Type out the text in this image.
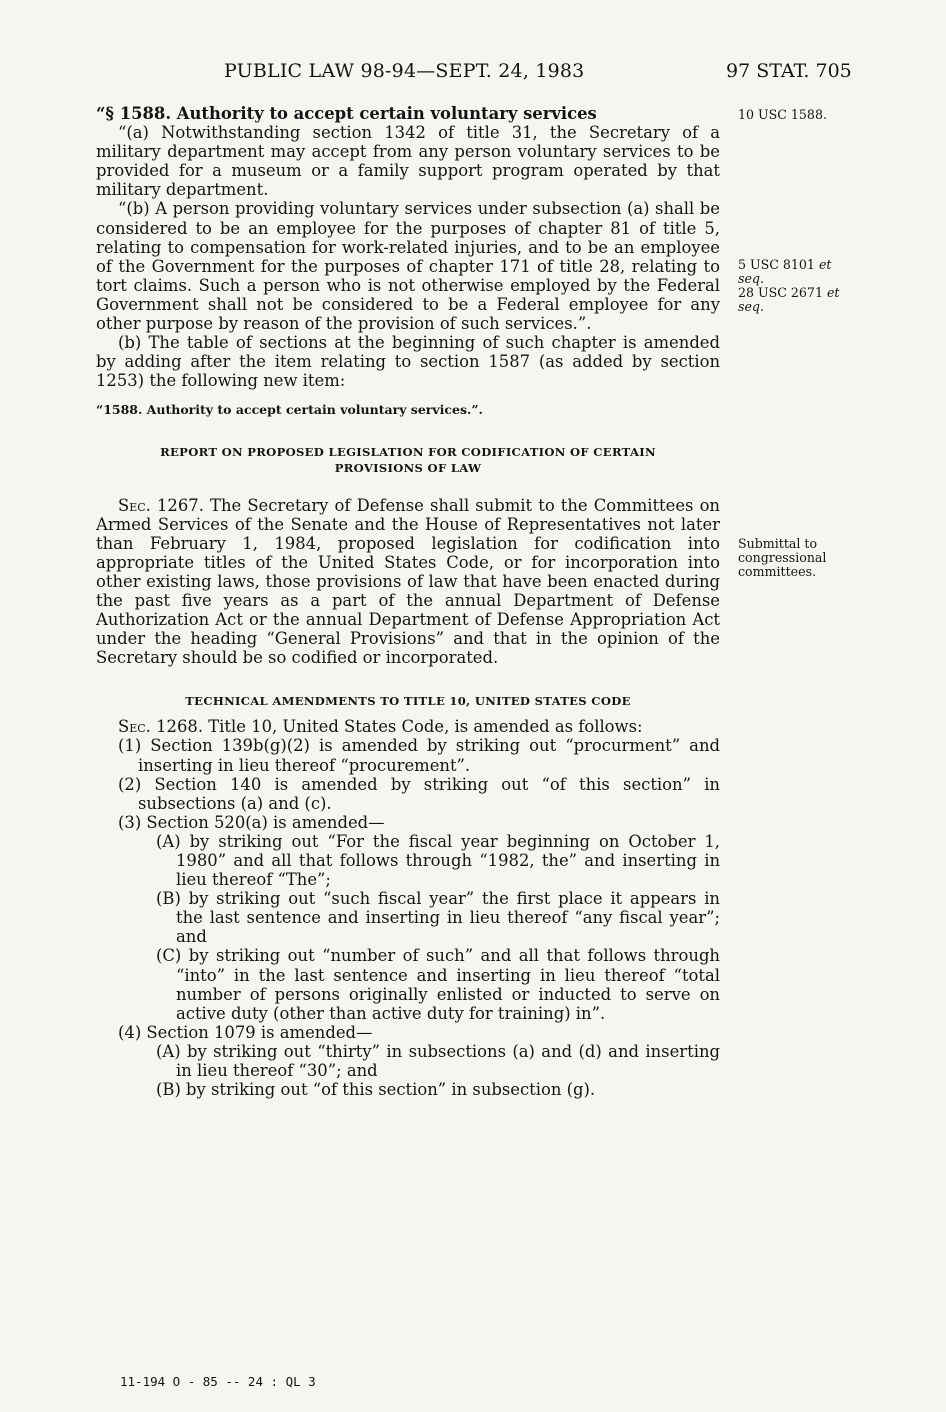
PUBLIC LAW 98-94—SEPT. 24, 1983	97 STAT. 705
10 USC 1588.
5 USC 8101 et seq.
28 USC 2671 et seq.
Submittal to congressional committees.

“§ 1588. Authority to accept certain voluntary services

“(a) Notwithstanding section 1342 of title 31, the Secretary of a military department may accept from any person voluntary services to be provided for a museum or a family support program operated by that military department.

“(b) A person providing voluntary services under subsection (a) shall be considered to be an employee for the purposes of chapter 81 of title 5, relating to compensation for work-related injuries, and to be an employee of the Government for the purposes of chapter 171 of title 28, relating to tort claims. Such a person who is not otherwise employed by the Federal Government shall not be considered to be a Federal employee for any other purpose by reason of the provision of such services.”.

(b) The table of sections at the beginning of such chapter is amended by adding after the item relating to section 1587 (as added by section 1253) the following new item:

“1588. Authority to accept certain voluntary services.”.

REPORT ON PROPOSED LEGISLATION FOR CODIFICATION OF CERTAIN PROVISIONS OF LAW

Sec. 1267. The Secretary of Defense shall submit to the Committees on Armed Services of the Senate and the House of Representatives not later than February 1, 1984, proposed legislation for codification into appropriate titles of the United States Code, or for incorporation into other existing laws, those provisions of law that have been enacted during the past five years as a part of the annual Department of Defense Authorization Act or the annual Department of Defense Appropriation Act under the heading “General Provisions” and that in the opinion of the Secretary should be so codified or incorporated.

TECHNICAL AMENDMENTS TO TITLE 10, UNITED STATES CODE

Sec. 1268. Title 10, United States Code, is amended as follows:

(1) Section 139b(g)(2) is amended by striking out “procurment” and inserting in lieu thereof “procurement”.

(2) Section 140 is amended by striking out “of this section” in subsections (a) and (c).

(3) Section 520(a) is amended—

(A) by striking out “For the fiscal year beginning on October 1, 1980” and all that follows through “1982, the” and inserting in lieu thereof “The”;

(B) by striking out “such fiscal year” the first place it appears in the last sentence and inserting in lieu thereof “any fiscal year”; and

(C) by striking out “number of such” and all that follows through “into” in the last sentence and inserting in lieu thereof “total number of persons originally enlisted or inducted to serve on active duty (other than active duty for training) in”.

(4) Section 1079 is amended—

(A) by striking out “thirty” in subsections (a) and (d) and inserting in lieu thereof “30”; and

(B) by striking out “of this section” in subsection (g).

11-194 O - 85 -- 24 : QL 3
